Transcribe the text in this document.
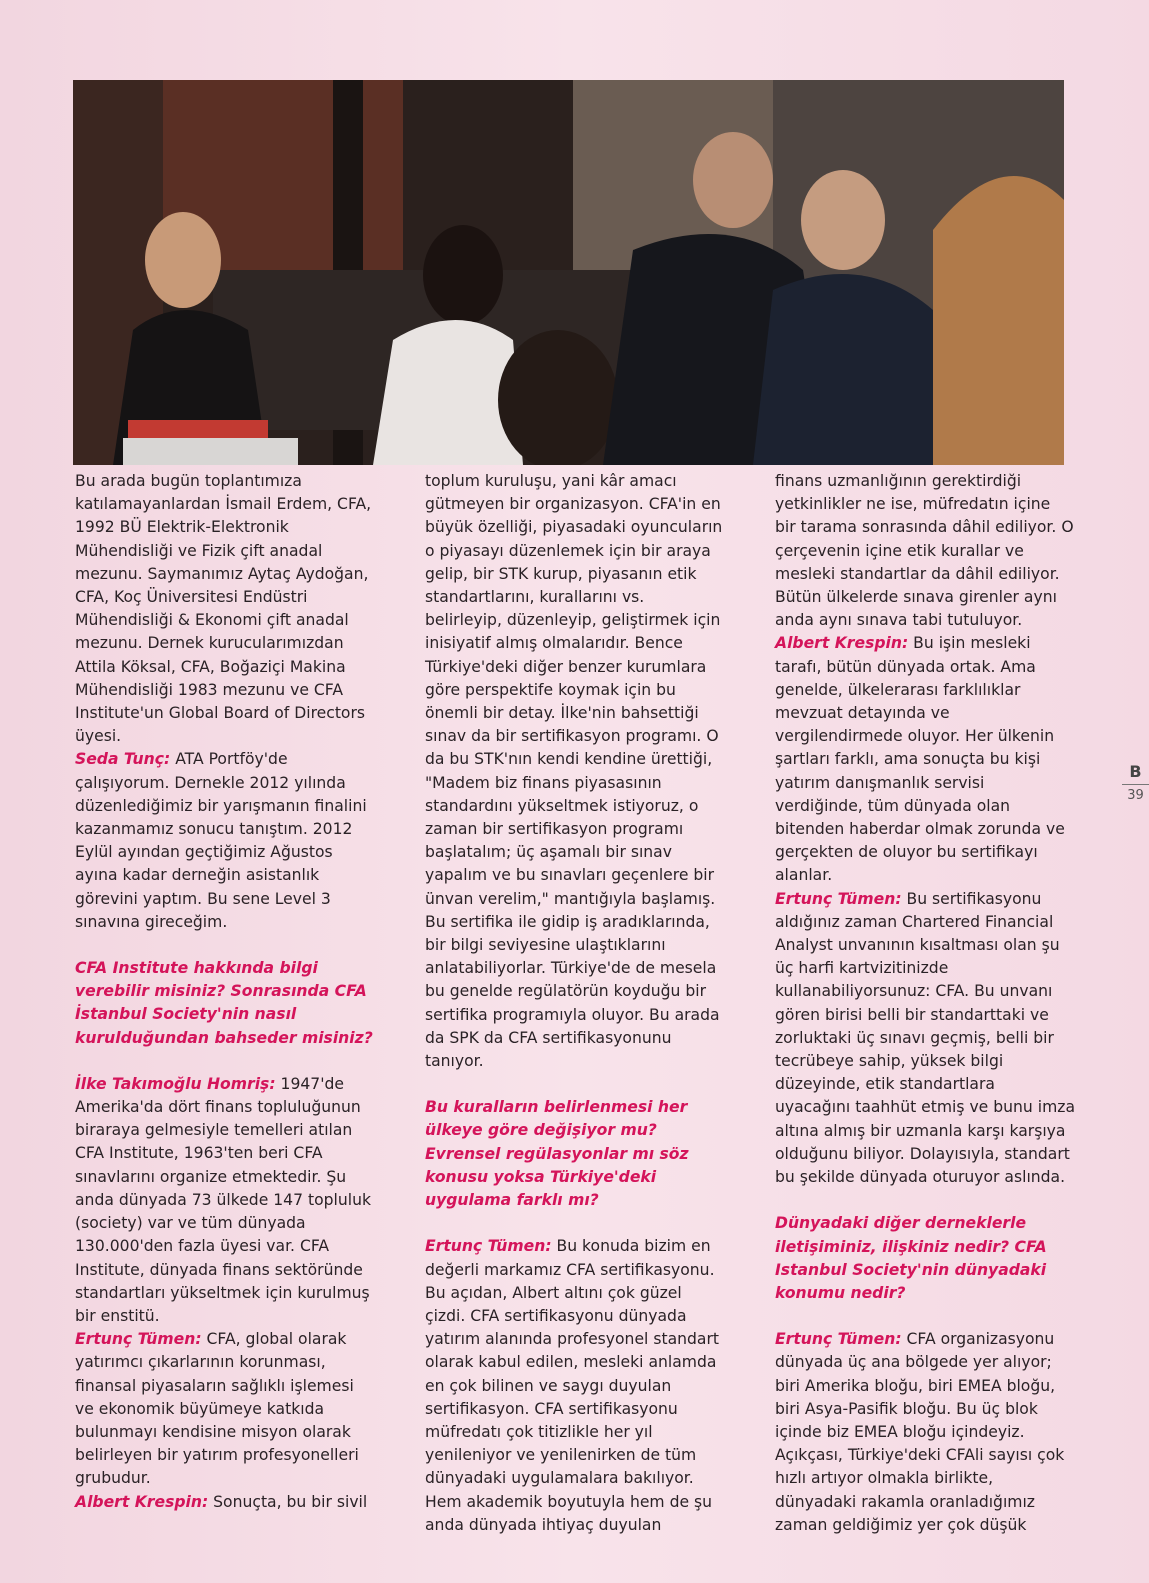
Bu arada bugün toplantımıza katılamayanlardan İsmail Erdem, CFA, 1992 BÜ Elektrik-Elektronik Mühendisliği ve Fizik çift anadal mezunu. Saymanımız Aytaç Aydoğan, CFA, Koç Üniversitesi Endüstri Mühendisliği & Ekonomi çift anadal mezunu. Dernek kurucularımızdan Attila Köksal, CFA, Boğaziçi Makina Mühendisliği 1983 mezunu ve CFA Institute'un Global Board of Directors üyesi.

Seda Tunç: ATA Portföy'de çalışıyorum. Dernekle 2012 yılında düzenlediğimiz bir yarışmanın finalini kazanmamız sonucu tanıştım. 2012 Eylül ayından geçtiğimiz Ağustos ayına kadar derneğin asistanlık görevini yaptım. Bu sene Level 3 sınavına gireceğim.

CFA Institute hakkında bilgi verebilir misiniz? Sonrasında CFA İstanbul Society'nin nasıl kurulduğundan bahseder misiniz?

İlke Takımoğlu Homriş: 1947'de Amerika'da dört finans topluluğunun biraraya gelmesiyle temelleri atılan CFA Institute, 1963'ten beri CFA sınavlarını organize etmektedir. Şu anda dünyada 73 ülkede 147 topluluk (society) var ve tüm dünyada 130.000'den fazla üyesi var. CFA Institute, dünyada finans sektöründe standartları yükseltmek için kurulmuş bir enstitü.

Ertunç Tümen: CFA, global olarak yatırımcı çıkarlarının korunması, finansal piyasaların sağlıklı işlemesi ve ekonomik büyümeye katkıda bulunmayı kendisine misyon olarak belirleyen bir yatırım profesyonelleri grubudur.

Albert Krespin: Sonuçta, bu bir sivil

toplum kuruluşu, yani kâr amacı gütmeyen bir organizasyon. CFA'in en büyük özelliği, piyasadaki oyuncuların o piyasayı düzenlemek için bir araya gelip, bir STK kurup, piyasanın etik standartlarını, kurallarını vs. belirleyip, düzenleyip, geliştirmek için inisiyatif almış olmalarıdır. Bence Türkiye'deki diğer benzer kurumlara göre perspektife koymak için bu önemli bir detay. İlke'nin bahsettiği sınav da bir sertifikasyon programı. O da bu STK'nın kendi kendine ürettiği, "Madem biz finans piyasasının standardını yükseltmek istiyoruz, o zaman bir sertifikasyon programı başlatalım; üç aşamalı bir sınav yapalım ve bu sınavları geçenlere bir ünvan verelim," mantığıyla başlamış. Bu sertifika ile gidip iş aradıklarında, bir bilgi seviyesine ulaştıklarını anlatabiliyorlar. Türkiye'de de mesela bu genelde regülatörün koyduğu bir sertifika programıyla oluyor. Bu arada da SPK da CFA sertifikasyonunu tanıyor.

Bu kuralların belirlenmesi her ülkeye göre değişiyor mu? Evrensel regülasyonlar mı söz konusu yoksa Türkiye'deki uygulama farklı mı?

Ertunç Tümen: Bu konuda bizim en değerli markamız CFA sertifikasyonu. Bu açıdan, Albert altını çok güzel çizdi. CFA sertifikasyonu dünyada yatırım alanında profesyonel standart olarak kabul edilen, mesleki anlamda en çok bilinen ve saygı duyulan sertifikasyon. CFA sertifikasyonu müfredatı çok titizlikle her yıl yenileniyor ve yenilenirken de tüm dünyadaki uygulamalara bakılıyor. Hem akademik boyutuyla hem de şu anda dünyada ihtiyaç duyulan

finans uzmanlığının gerektirdiği yetkinlikler ne ise, müfredatın içine bir tarama sonrasında dâhil ediliyor. O çerçevenin içine etik kurallar ve mesleki standartlar da dâhil ediliyor. Bütün ülkelerde sınava girenler aynı anda aynı sınava tabi tutuluyor.

Albert Krespin: Bu işin mesleki tarafı, bütün dünyada ortak. Ama genelde, ülkelerarası farklılıklar mevzuat detayında ve vergilendirmede oluyor. Her ülkenin şartları farklı, ama sonuçta bu kişi yatırım danışmanlık servisi verdiğinde, tüm dünyada olan bitenden haberdar olmak zorunda ve gerçekten de oluyor bu sertifikayı alanlar.

Ertunç Tümen: Bu sertifikasyonu aldığınız zaman Chartered Financial Analyst unvanının kısaltması olan şu üç harfi kartvizitinizde kullanabiliyorsunuz: CFA. Bu unvanı gören birisi belli bir standarttaki ve zorluktaki üç sınavı geçmiş, belli bir tecrübeye sahip, yüksek bilgi düzeyinde, etik standartlara uyacağını taahhüt etmiş ve bunu imza altına almış bir uzmanla karşı karşıya olduğunu biliyor. Dolayısıyla, standart bu şekilde dünyada oturuyor aslında.

Dünyadaki diğer derneklerle iletişiminiz, ilişkiniz nedir? CFA Istanbul Society'nin dünyadaki konumu nedir?

Ertunç Tümen: CFA organizasyonu dünyada üç ana bölgede yer alıyor; biri Amerika bloğu, biri EMEA bloğu, biri Asya-Pasifik bloğu. Bu üç blok içinde biz EMEA bloğu içindeyiz. Açıkçası, Türkiye'deki CFAli sayısı çok hızlı artıyor olmakla birlikte, dünyadaki rakamla oranladığımız zaman geldiğimiz yer çok düşük

B
39
